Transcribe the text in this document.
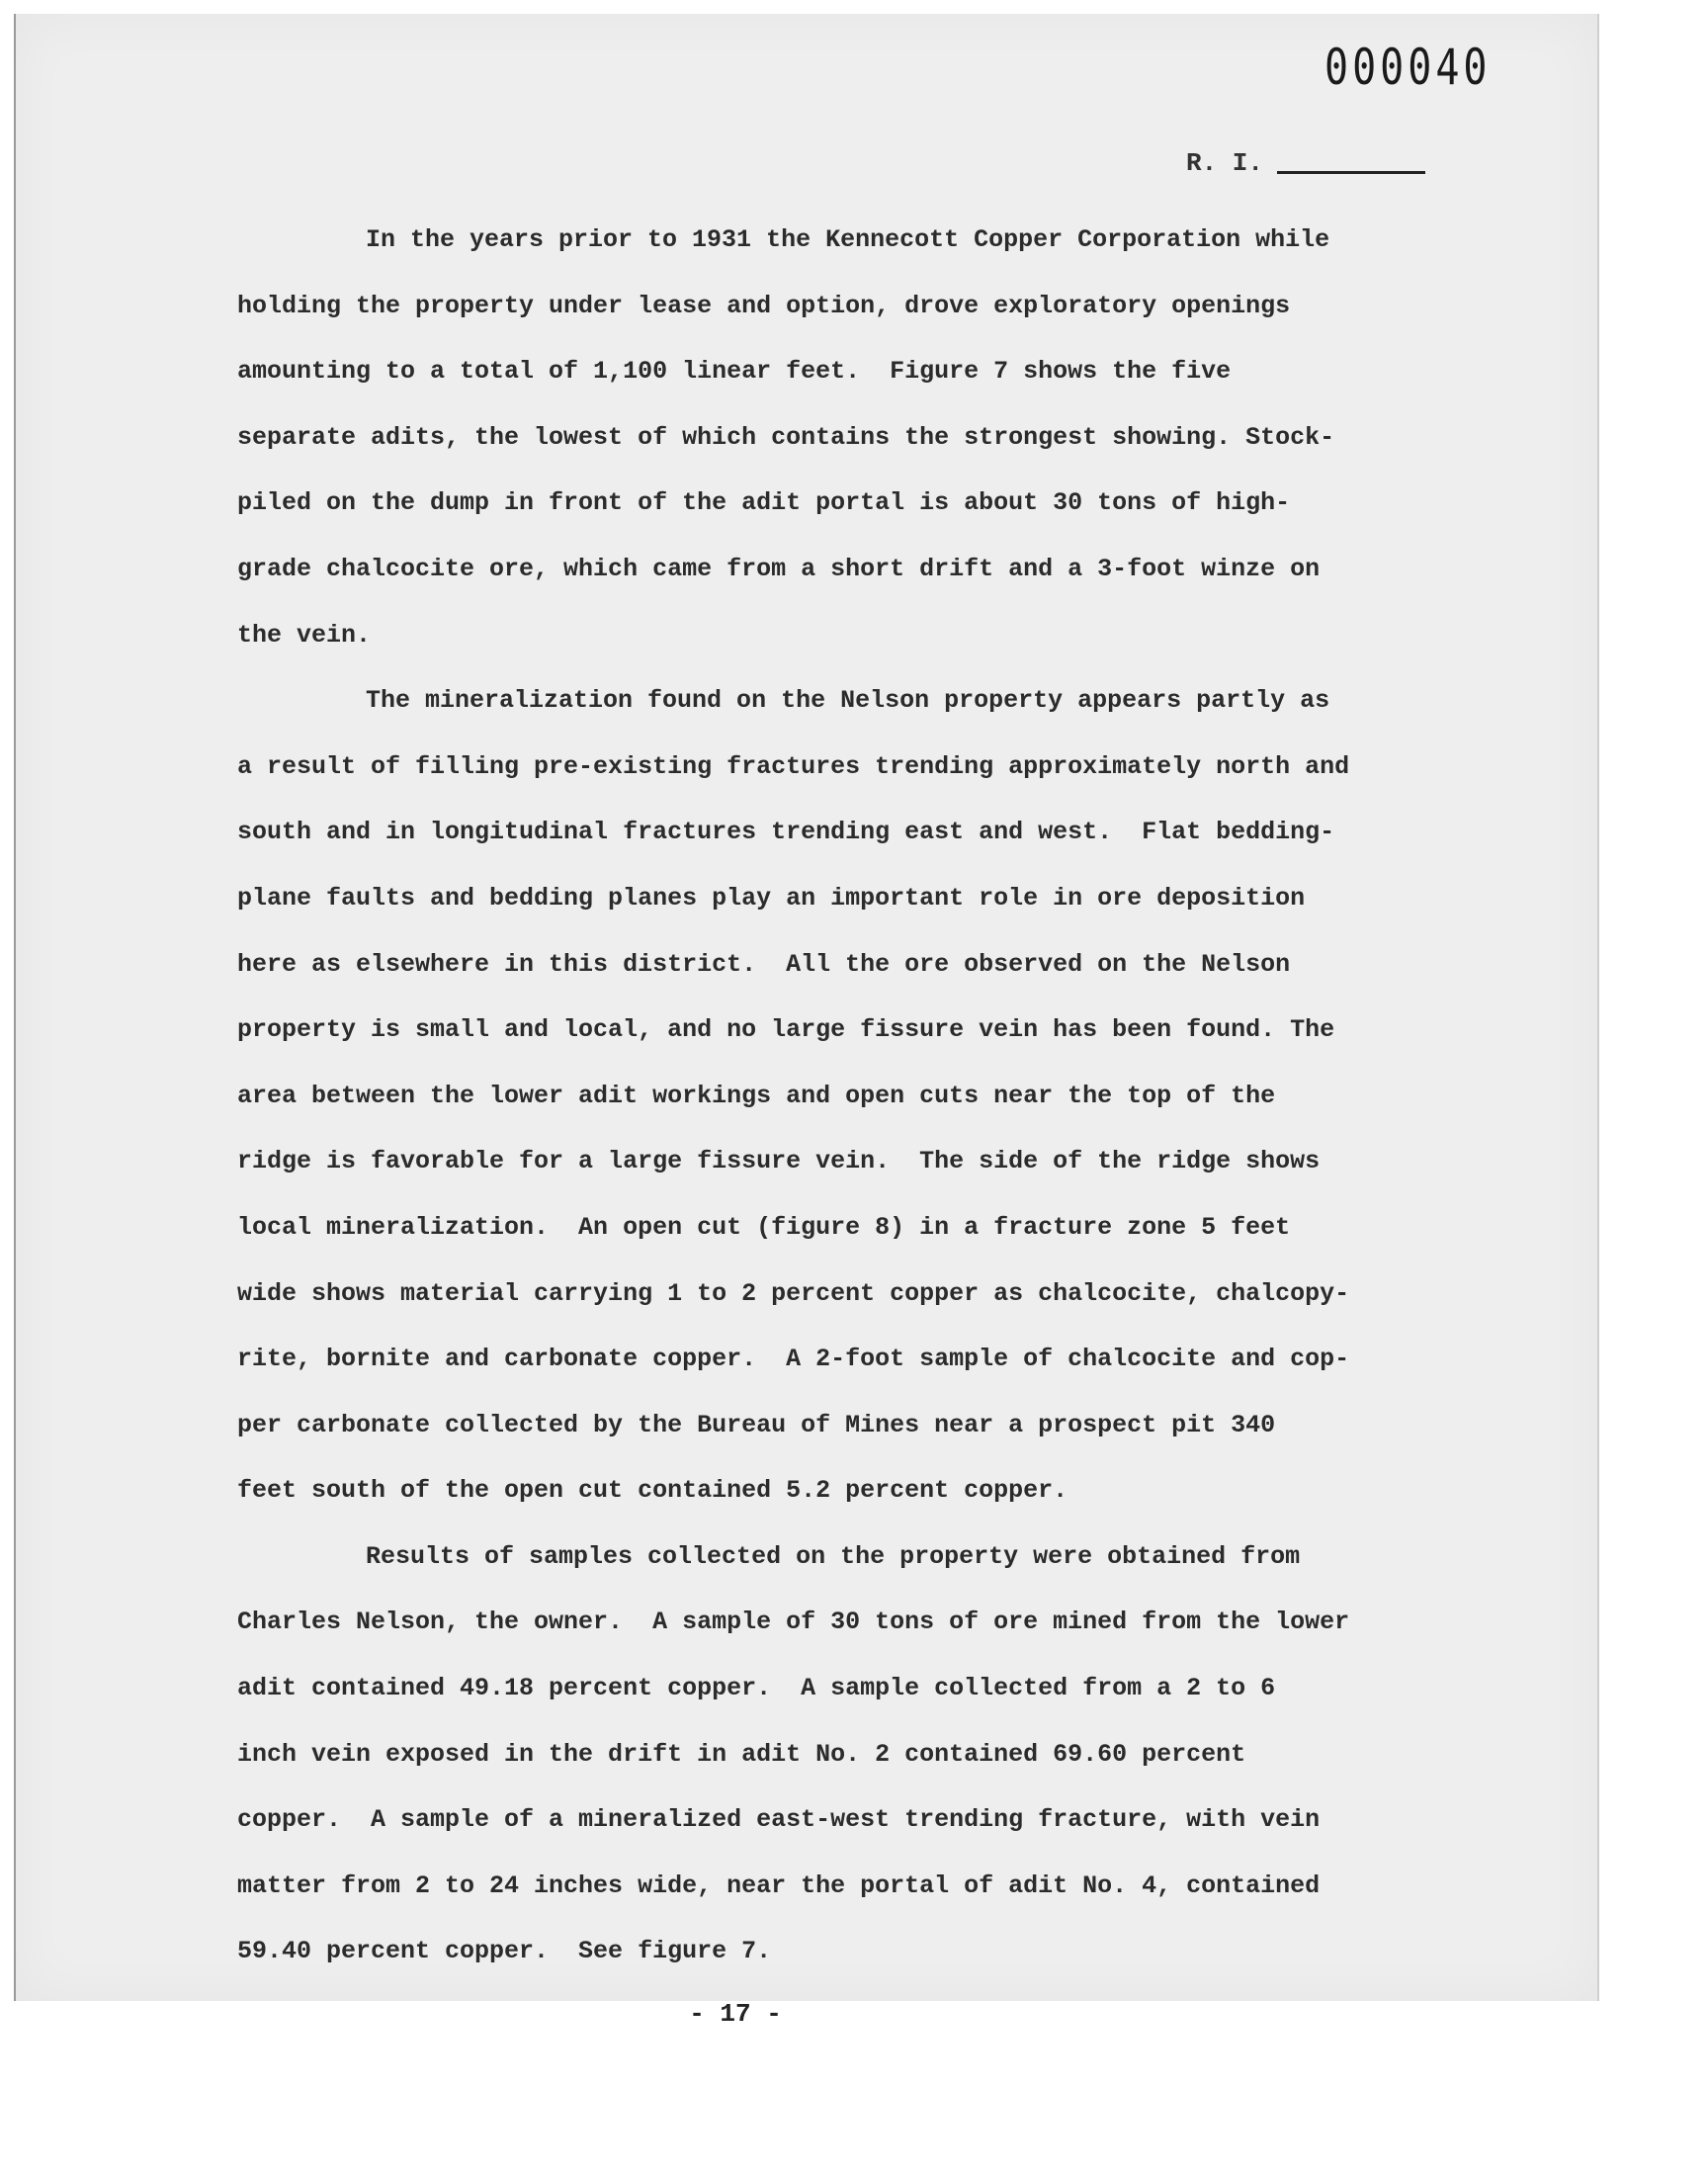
000040
R. I.
In the years prior to 1931 the Kennecott Copper Corporation while
holding the property under lease and option, drove exploratory openings
amounting to a total of 1,100 linear feet.  Figure 7 shows the five
separate adits, the lowest of which contains the strongest showing. Stock-
piled on the dump in front of the adit portal is about 30 tons of high-
grade chalcocite ore, which came from a short drift and a 3-foot winze on
the vein.
The mineralization found on the Nelson property appears partly as
a result of filling pre-existing fractures trending approximately north and
south and in longitudinal fractures trending east and west.  Flat bedding-
plane faults and bedding planes play an important role in ore deposition
here as elsewhere in this district.  All the ore observed on the Nelson
property is small and local, and no large fissure vein has been found. The
area between the lower adit workings and open cuts near the top of the
ridge is favorable for a large fissure vein.  The side of the ridge shows
local mineralization.  An open cut (figure 8) in a fracture zone 5 feet
wide shows material carrying 1 to 2 percent copper as chalcocite, chalcopy-
rite, bornite and carbonate copper.  A 2-foot sample of chalcocite and cop-
per carbonate collected by the Bureau of Mines near a prospect pit 340
feet south of the open cut contained 5.2 percent copper.
Results of samples collected on the property were obtained from
Charles Nelson, the owner.  A sample of 30 tons of ore mined from the lower
adit contained 49.18 percent copper.  A sample collected from a 2 to 6
inch vein exposed in the drift in adit No. 2 contained 69.60 percent
copper.  A sample of a mineralized east-west trending fracture, with vein
matter from 2 to 24 inches wide, near the portal of adit No. 4, contained
59.40 percent copper.  See figure 7.
- 17 -
